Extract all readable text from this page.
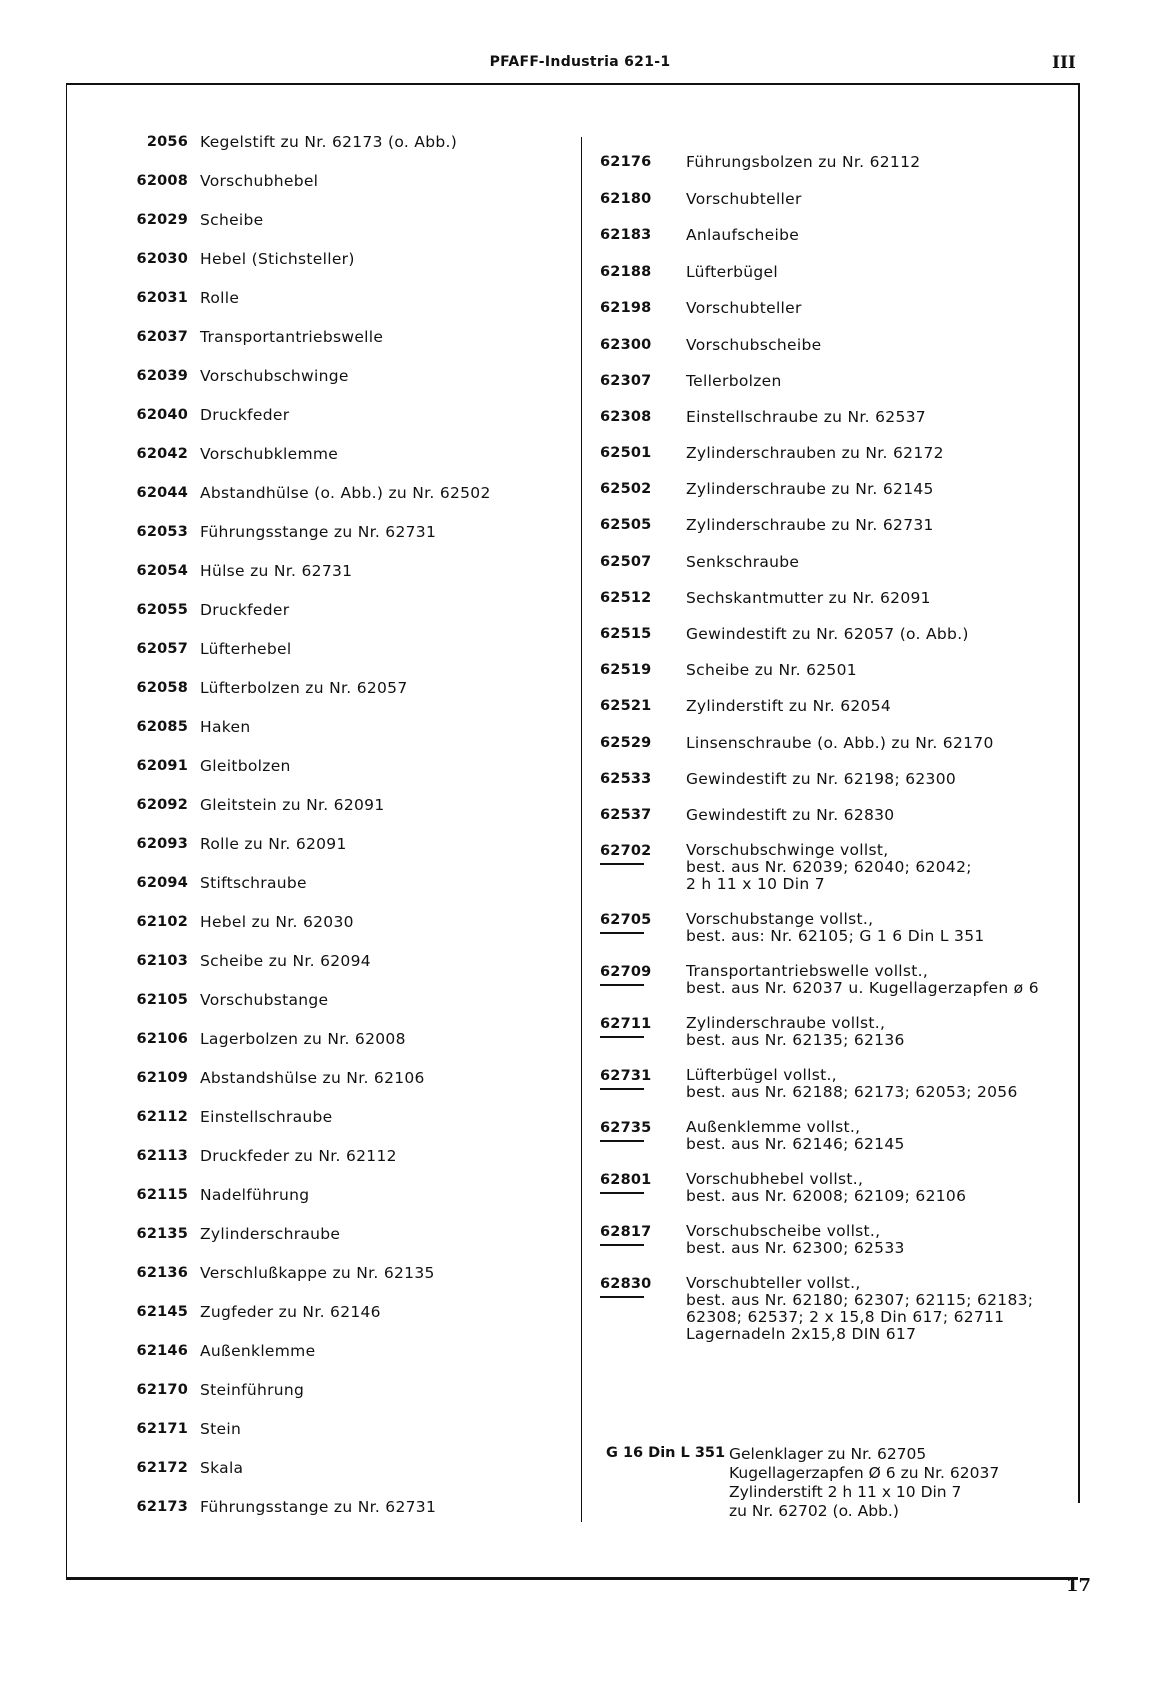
PFAFF-Industria 621-1	III
2056 Kegelstift zu Nr. 62173 (o. Abb.)
62008 Vorschubhebel
62029 Scheibe
62030 Hebel (Stichsteller)
62031 Rolle
62037 Transportantriebswelle
62039 Vorschubschwinge
62040 Druckfeder
62042 Vorschubklemme
62044 Abstandhülse (o. Abb.) zu Nr. 62502
62053 Führungsstange zu Nr. 62731
62054 Hülse zu Nr. 62731
62055 Druckfeder
62057 Lüfterhebel
62058 Lüfterbolzen zu Nr. 62057
62085 Haken
62091 Gleitbolzen
62092 Gleitstein zu Nr. 62091
62093 Rolle zu Nr. 62091
62094 Stiftschraube
62102 Hebel zu Nr. 62030
62103 Scheibe zu Nr. 62094
62105 Vorschubstange
62106 Lagerbolzen zu Nr. 62008
62109 Abstandshülse zu Nr. 62106
62112 Einstellschraube
62113 Druckfeder zu Nr. 62112
62115 Nadelführung
62135 Zylinderschraube
62136 Verschlußkappe zu Nr. 62135
62145 Zugfeder zu Nr. 62146
62146 Außenklemme
62170 Steinführung
62171 Stein
62172 Skala
62173 Führungsstange zu Nr. 62731
62176	Führungsbolzen zu Nr. 62112
62180	Vorschubteller
62183	Anlaufscheibe
62188	Lüfterbügel
62198	Vorschubteller
62300	Vorschubscheibe
62307	Tellerbolzen
62308	Einstellschraube zu Nr. 62537
62501	Zylinderschrauben zu Nr. 62172
62502	Zylinderschraube zu Nr. 62145
62505	Zylinderschraube zu Nr. 62731
62507	Senkschraube
62512	Sechskantmutter zu Nr. 62091
62515	Gewindestift zu Nr. 62057 (o. Abb.)
62519	Scheibe zu Nr. 62501
62521	Zylinderstift zu Nr. 62054
62529	Linsenschraube (o. Abb.) zu Nr. 62170
62533	Gewindestift zu Nr. 62198; 62300
62537	Gewindestift zu Nr. 62830
62702	Vorschubschwinge vollst,
best. aus Nr. 62039; 62040; 62042;
2 h 11 x 10 Din 7
62705	Vorschubstange vollst.,
best. aus: Nr. 62105; G 1 6 Din L 351
62709	Transportantriebswelle vollst.,
best. aus Nr. 62037 u. Kugellagerzapfen ø 6
62711	Zylinderschraube vollst.,
best. aus Nr. 62135; 62136
62731	Lüfterbügel vollst.,
best. aus Nr. 62188; 62173; 62053; 2056
62735	Außenklemme vollst.,
best. aus Nr. 62146; 62145
62801	Vorschubhebel vollst.,
best. aus Nr. 62008; 62109; 62106
62817	Vorschubscheibe vollst.,
best. aus Nr. 62300; 62533
62830	Vorschubteller vollst.,
best. aus Nr. 62180; 62307; 62115; 62183;
62308; 62537; 2 x 15,8 Din 617; 62711
Lagernadeln 2x15,8 DIN 617
G 16 Din L 351 Gelenklager zu Nr. 62705
Kugellagerzapfen Ø 6 zu Nr. 62037
Zylinderstift 2 h 11 x 10 Din 7
zu Nr. 62702 (o. Abb.)
17
